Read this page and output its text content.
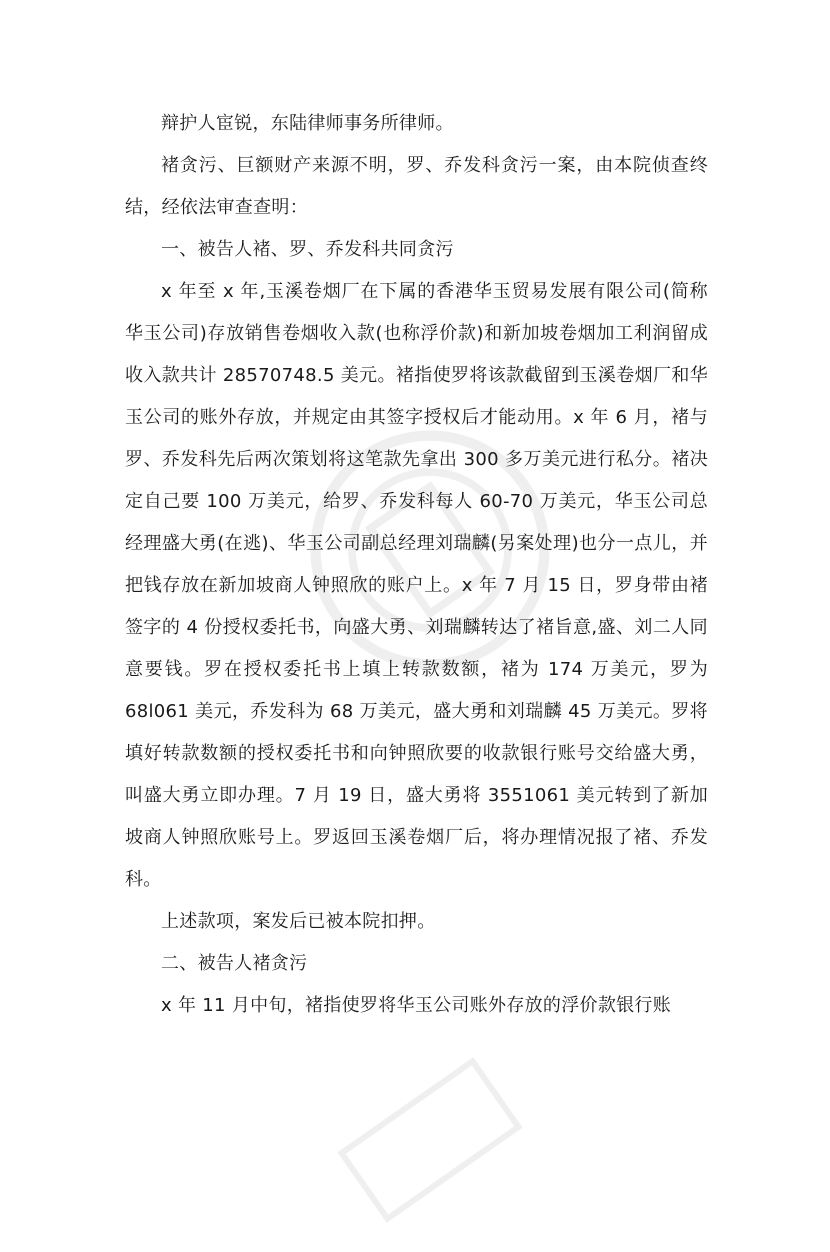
辩护人宦锐，东陆律师事务所律师。

褚贪污、巨额财产来源不明，罗、乔发科贪污一案，由本院侦查终结，经依法审查查明：

一、被告人褚、罗、乔发科共同贪污

x 年至 x 年,玉溪卷烟厂在下属的香港华玉贸易发展有限公司(简称华玉公司)存放销售卷烟收入款(也称浮价款)和新加坡卷烟加工利润留成收入款共计 28570748.5 美元。褚指使罗将该款截留到玉溪卷烟厂和华玉公司的账外存放，并规定由其签字授权后才能动用。x 年 6 月，褚与罗、乔发科先后两次策划将这笔款先拿出 300 多万美元进行私分。褚决定自己要 100 万美元，给罗、乔发科每人 60-70 万美元，华玉公司总经理盛大勇(在逃)、华玉公司副总经理刘瑞麟(另案处理)也分一点儿，并把钱存放在新加坡商人钟照欣的账户上。x 年 7 月 15 日，罗身带由褚签字的 4 份授权委托书，向盛大勇、刘瑞麟转达了褚旨意,盛、刘二人同意要钱。罗在授权委托书上填上转款数额，褚为 174 万美元，罗为 68l061 美元，乔发科为 68 万美元，盛大勇和刘瑞麟 45 万美元。罗将填好转款数额的授权委托书和向钟照欣要的收款银行账号交给盛大勇，叫盛大勇立即办理。7 月 19 日，盛大勇将 3551061 美元转到了新加坡商人钟照欣账号上。罗返回玉溪卷烟厂后，将办理情况报了褚、乔发科。

上述款项，案发后已被本院扣押。

二、被告人褚贪污

x 年 11 月中旬，褚指使罗将华玉公司账外存放的浮价款银行账
